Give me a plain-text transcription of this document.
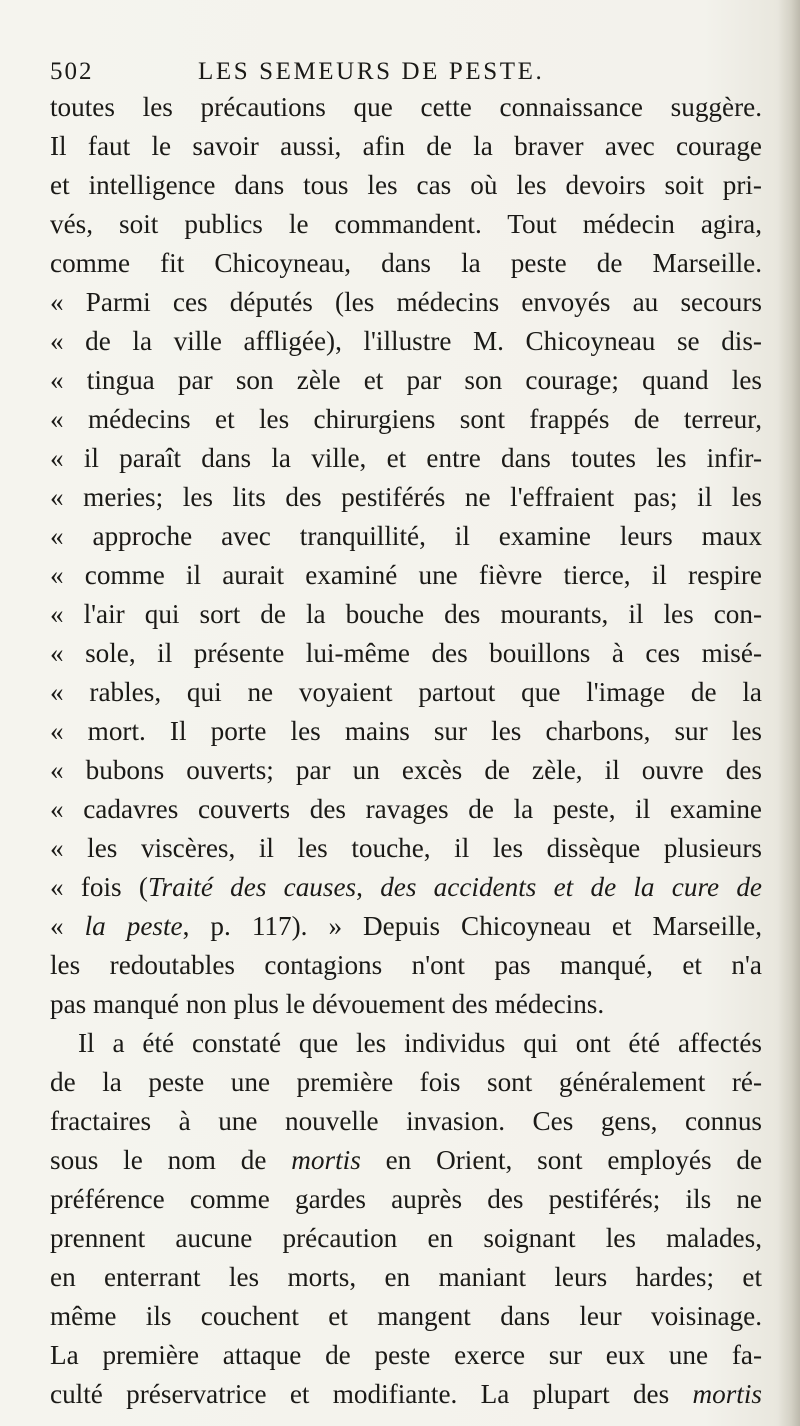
502	LES SEMEURS DE PESTE.
toutes les précautions que cette connaissance suggère.
Il faut le savoir aussi, afin de la braver avec courage
et intelligence dans tous les cas où les devoirs soit pri-
vés, soit publics le commandent. Tout médecin agira,
comme fit Chicoyneau, dans la peste de Marseille.
« Parmi ces députés (les médecins envoyés au secours
« de la ville affligée), l'illustre M. Chicoyneau se dis-
« tingua par son zèle et par son courage; quand les
« médecins et les chirurgiens sont frappés de terreur,
« il paraît dans la ville, et entre dans toutes les infir-
« meries; les lits des pestiférés ne l'effraient pas; il les
« approche avec tranquillité, il examine leurs maux
« comme il aurait examiné une fièvre tierce, il respire
« l'air qui sort de la bouche des mourants, il les con-
« sole, il présente lui-même des bouillons à ces misé-
« rables, qui ne voyaient partout que l'image de la
« mort. Il porte les mains sur les charbons, sur les
« bubons ouverts; par un excès de zèle, il ouvre des
« cadavres couverts des ravages de la peste, il examine
« les viscères, il les touche, il les dissèque plusieurs
« fois (Traité des causes, des accidents et de la cure de
« la peste, p. 117). » Depuis Chicoyneau et Marseille,
les redoutables contagions n'ont pas manqué, et n'a
pas manqué non plus le dévouement des médecins.
Il a été constaté que les individus qui ont été affectés
de la peste une première fois sont généralement ré-
fractaires à une nouvelle invasion. Ces gens, connus
sous le nom de mortis en Orient, sont employés de
préférence comme gardes auprès des pestiférés; ils ne
prennent aucune précaution en soignant les malades,
en enterrant les morts, en maniant leurs hardes; et
même ils couchent et mangent dans leur voisinage.
La première attaque de peste exerce sur eux une fa-
culté préservatrice et modifiante. La plupart des mortis
